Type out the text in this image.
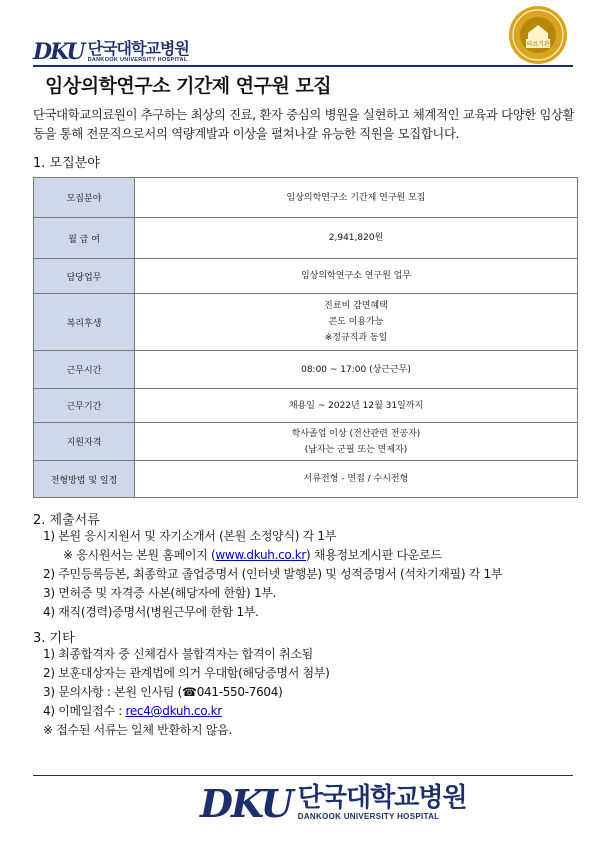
DKU 단국대학교병원
DANKOOK UNIVERSITY HOSPITAL
의료기관
임상의학연구소 기간제 연구원 모집
단국대학교의료원이 추구하는 최상의 진료, 환자 중심의 병원을 실현하고 체계적인 교육과 다양한 임상활동을 통해 전문직으로서의 역량계발과 이상을 펼쳐나갈 유능한 직원을 모집합니다.
1. 모집분야
모집분야	임상의학연구소 기간제 연구원 모집

월 급 여	2,941,820원

담당업무	임상의학연구소 연구원 업무

복리후생	진료비 감면혜택
콘도 이용가능
※정규직과 동일

근무시간	08:00 ~ 17:00 (상근근무)

근무기간	채용일 ~ 2022년 12월 31일까지

지원자격	학사졸업 이상 (전산관련 전공자)
(남자는 군필 또는 면제자)

전형방법 및 일정	서류전형 - 면접 / 수시전형
2. 제출서류
1) 본원 응시지원서 및 자기소개서 (본원 소정양식) 각 1부
※ 응시원서는 본원 홈페이지 (www.dkuh.co.kr) 채용정보게시판 다운로드
2) 주민등록등본, 최종학교 졸업증명서 (인터넷 발행분) 및 성적증명서 (석차기재필) 각 1부
3) 면허증 및 자격증 사본(해당자에 한함) 1부.
4) 재직(경력)증명서(병원근무에 한함 1부.
3. 기타
1) 최종합격자 중 신체검사 불합격자는 합격이 취소됨
2) 보훈대상자는 관계법에 의거 우대함(해당증명서 첨부)
3) 문의사항 : 본원 인사팀 (☎041-550-7604)
4) 이메일접수 : rec4@dkuh.co.kr
※ 접수된 서류는 일체 반환하지 않음.
DKU 단국대학교병원
DANKOOK UNIVERSITY HOSPITAL
